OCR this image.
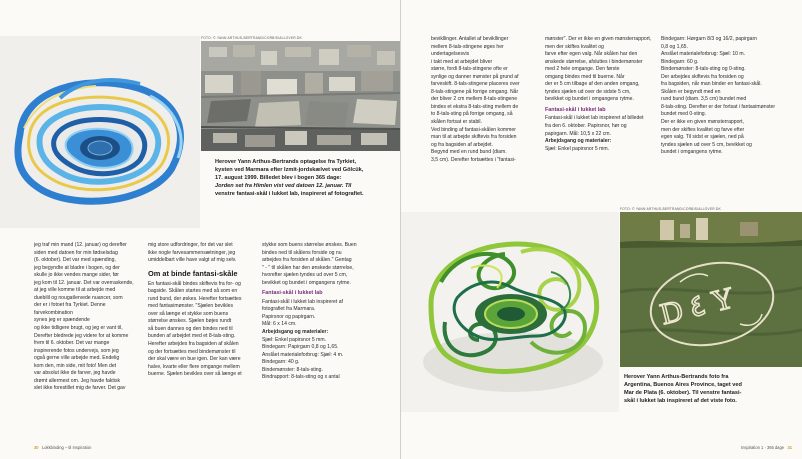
FOTO: © YANN ARTHUS-BERTRAND/CORBIS/ALLOVER.DK
Herover Yann Arthus-Bertrands optagelse fra Tyrkiet,
kysten ved Marmara efter Izmit-jordskælvet ved Gölcük,
17. august 1999. Billedet blev i bogen 365 dage:
Jorden set fra Himlen vist ved datoen 12. januar. Til
venstre fantasi-skål i lukket lab, inspireret af fotografiet.

jeg traf min mand (12. januar) og derefter

siden med datoen for min fødselsdag

(6. oktober). Det var med spænding,

jeg begyndte at bladre i bogen, og der

skulle jo ikke vendes mange sider, før

jeg kom til 12. januar. Det var overraskende,

at jeg ville komme til at arbejde med

duebilil og nougatlervede nuancer, som

der er i fotoet fra Tyrkiet. Denne farvekombination

synes jeg er spændende

og ikke tidligere brugt, og jeg er vant til,

Derefter bledrede jeg videre for at komme

frem til 6. oktober. Det var mange

inspirerende fotos undervejs, som jeg

også gerne ville arbejde med. Endelig

kom den, min side, mit foto! Men det

var absolut ikke de farver, jeg havde

drømt allermest om. Jeg havde faktisk

slet ikke forestillet mig de farver. Det gav

mig store udfordringer, for det var slet

ikke nogle farvesammensætninger, jeg

umiddelbart ville have valgt af mig selv.

Om at binde fantasi-skåle

En fantasi-skål bindes skiftevis fra for- og

bagside. Skålen startes med så som en

rund bund, der øskes. Herefter fortsættes

med fantasimønster. "Sjælen bevikles

over så længe et stykke som buens

størrelse ønskes. Sjælen bøjes rundt

så buen dannes og den bindes ned til

bunden af arbejdet med et 8-tals-sting.

Herefter arbejdes fra bagsiden af skålen

og der fortsættes med bindemønster til

der skal være en bue igen. Der kan være

halve, kvarte eller flere omgange mellem

buerne. Sjælen bevikles over så længe et

stykke som buens størrelse ønskes. Buen

bindes ned til skålens forside og nu

arbejdes fra forsiden af skålen." Gentag

" - " til skålen har den ønskede størrelse,

hvorefter sjælen tyndes ud over 5 cm,

bevikket og bundet i omgangens rytme.

Fantasi-skål i lukket lab

Fantasi-skål i lukket lab inspireret af

fotografiet fra Marmara.

Papirsnor og papirgarn.

Mål: 6 x 14 cm.

Arbejdsgang og materialer:

Sjæl: Enkel papirsnor 5 mm.

Bindegarn: Papirgarn 0,8 og 1,65.

Anslået materialeforbrug: Sjæl: 4 m.

Bindegarn: 40 g.

Bindemønster: 8-tals-sting.

Bindrapport: 8-tals-sting og x antal

30 Lokkbinding – til Inspiration

bevikllinger. Antallet af bevikllinger

mellem 8-tals-stingene øges her undertagelsesvis

i takt med at arbejdet bliver

større, fordi 8-tals-stingene ofte er

synlige og danner mønster på grund af

farveskift. 8-tals-stingene placeres over

8-tals-stingene på forrige omgang. Når

der bliver 2 cm mellem 8-tals-stingene

bindes et ekstra 8-tals-sting mellem de

to 8-tals-sting på forrige omgang, så

skålen fortsat er stabil.

Ved binding af fantasi-skålen kommer

man til at arbejde skiftevis fra forsiden

og fra bagsiden af arbejdet.

Begynd med en rund bund (diam.

3,5 cm). Derefter fortsættes i "fantasi-

mønster". Der er ikke en given mønsterrapport,

men der skiftes kvalitet og

farve efter egen valg. Når skålen har den

ønskede størrelse, afsluttes i bindemønster

med 2 hele omgange. Den første

omgang bindes med til buerne. Når

der er 5 cm tilbage af den anden omgang,

tyndes sjælen ud over de sidste 5 cm,

bevikket og bundet i omgangens rytme.

Fantasi-skål i lukket lab

Fantasi-skål i lukket lab inspireret af billedet

fra den 6. oktober. Papirsnor, hør og

papirgarn. Mål: 10,5 x 22 cm.

Arbejdsgang og materialer:

Sjæl: Enkel papirsnor 5 mm.

Bindegarn: Hørgarn 8/3 og 16/2, papirgarn

0,8 og 1,65.

Anslået materialeforbrug: Sjæl: 10 m.

Bindegarn: 60 g.

Bindemønster: 8-tals-sting og 0-sting.

Der arbejdes skiftevis fra forsiden og

fra bagsiden, når man binder en fantasi-skål.

Skålen er begyndt med en

rund bund (diam. 3,5 cm) bundet med

8-tals-sting. Derefter er der fortsat i fantasimønster

bundet med 0-sting.

Der er ikke en given mønsterrapport,

men der skiftes kvalitet og farve efter

egen valg. Til sidst er sjælen, ned på

tyndes sjælen ud over 5 cm, bevikket og

bundet i omgangens rytme.

FOTO: © YANN ARTHUS-BERTRAND/CORBIS/ALLOVER.DK
D ٤ Y
Herover Yann Arthus-Bertrands foto fra
Argentina, Buenos Aires Province, taget ved
Mar de Plata (6. oktober). Til venstre fantasi-
skål i lukket lab inspireret af det viste foto.
Inspiration 1 · 365 dage 31
